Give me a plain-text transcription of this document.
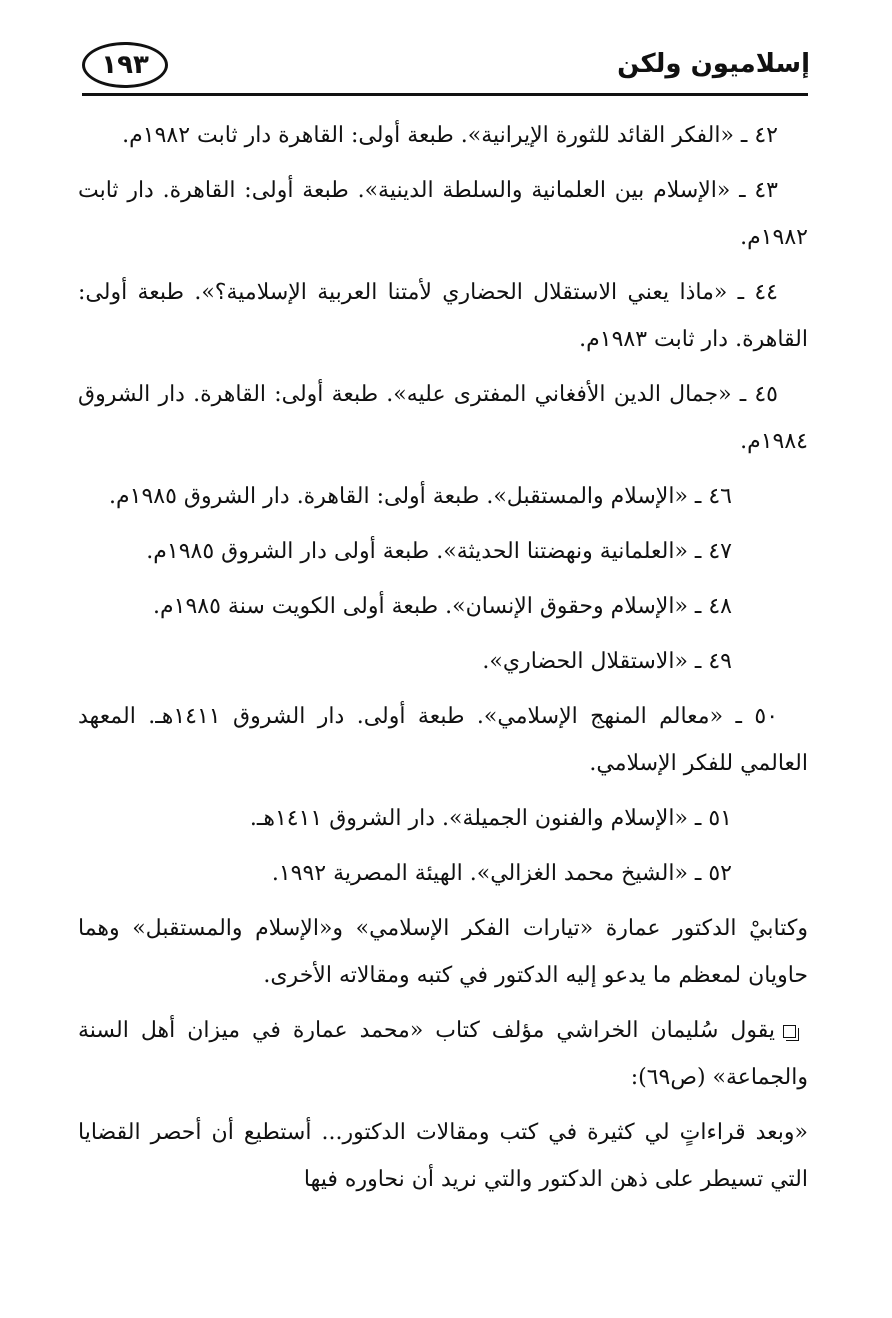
إسلاميون ولكن
١٩٣

٤٢ ـ «الفكر القائد للثورة الإيرانية». طبعة أولى: القاهرة دار ثابت ١٩٨٢م.

٤٣ ـ «الإسلام بين العلمانية والسلطة الدينية». طبعة أولى: القاهرة. دار ثابت ١٩٨٢م.

٤٤ ـ «ماذا يعني الاستقلال الحضاري لأمتنا العربية الإسلامية؟». طبعة أولى: القاهرة. دار ثابت ١٩٨٣م.

٤٥ ـ «جمال الدين الأفغاني المفترى عليه». طبعة أولى: القاهرة. دار الشروق ١٩٨٤م.

٤٦ ـ «الإسلام والمستقبل». طبعة أولى: القاهرة. دار الشروق ١٩٨٥م.

٤٧ ـ «العلمانية ونهضتنا الحديثة». طبعة أولى دار الشروق ١٩٨٥م.

٤٨ ـ «الإسلام وحقوق الإنسان». طبعة أولى الكويت سنة ١٩٨٥م.

٤٩ ـ «الاستقلال الحضاري».

٥٠ ـ «معالم المنهج الإسلامي». طبعة أولى. دار الشروق ١٤١١هـ. المعهد العالمي للفكر الإسلامي.

٥١ ـ «الإسلام والفنون الجميلة». دار الشروق ١٤١١هـ.

٥٢ ـ «الشيخ محمد الغزالي». الهيئة المصرية ١٩٩٢.

وكتابيْ الدكتور عمارة «تيارات الفكر الإسلامي» و«الإسلام والمستقبل» وهما حاويان لمعظم ما يدعو إليه الدكتور في كتبه ومقالاته الأخرى.

يقول سُليمان الخراشي مؤلف كتاب «محمد عمارة في ميزان أهل السنة والجماعة» (ص٦٩):

«وبعد قراءاتٍ لي كثيرة في كتب ومقالات الدكتور... أستطيع أن أحصر القضايا التي تسيطر على ذهن الدكتور والتي نريد أن نحاوره فيها
